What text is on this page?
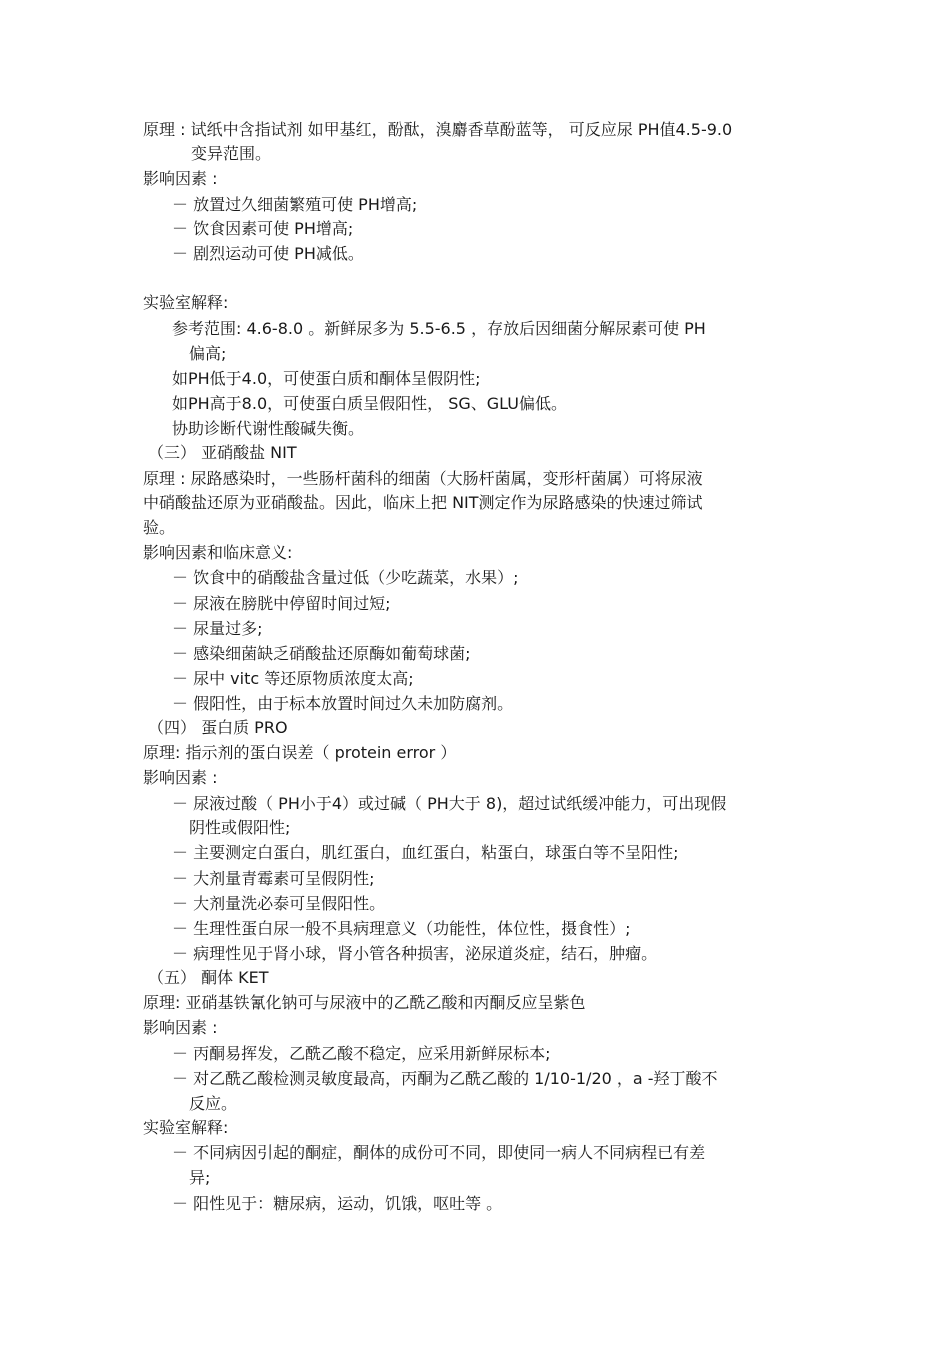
原理 : 试纸中含指试剂 如甲基红，酚酞，溴麝香草酚蓝等， 可反应尿 PH值4.5-9.0
变异范围。
影响因素 :
－ 放置过久细菌繁殖可使 PH增高;
－ 饮食因素可使 PH增高;
－ 剧烈运动可使 PH减低。
实验室解释:
参考范围: 4.6-8.0 。新鲜尿多为 5.5-6.5 ，存放后因细菌分解尿素可使 PH
偏高;
如PH低于4.0，可使蛋白质和酮体呈假阴性;
如PH高于8.0，可使蛋白质呈假阳性， SG、GLU偏低。
协助诊断代谢性酸碱失衡。
（三） 亚硝酸盐 NIT
原理 : 尿路感染时，一些肠杆菌科的细菌（大肠杆菌属，变形杆菌属）可将尿液
中硝酸盐还原为亚硝酸盐。因此，临床上把 NIT测定作为尿路感染的快速过筛试
验。
影响因素和临床意义:
－ 饮食中的硝酸盐含量过低（少吃蔬菜，水果）;
－ 尿液在膀胱中停留时间过短;
－ 尿量过多;
－ 感染细菌缺乏硝酸盐还原酶如葡萄球菌;
－ 尿中 vitc 等还原物质浓度太高;
－ 假阳性，由于标本放置时间过久未加防腐剂。
（四） 蛋白质 PRO
原理: 指示剂的蛋白误差（ protein error ）
影响因素 :
－ 尿液过酸（ PH小于4）或过碱（ PH大于 8)，超过试纸缓冲能力，可出现假
阴性或假阳性;
－ 主要测定白蛋白，肌红蛋白，血红蛋白，粘蛋白，球蛋白等不呈阳性;
－ 大剂量青霉素可呈假阴性;
－ 大剂量洗必泰可呈假阳性。
－ 生理性蛋白尿一般不具病理意义（功能性，体位性，摄食性）;
－ 病理性见于肾小球，肾小管各种损害，泌尿道炎症，结石，肿瘤。
（五） 酮体 KET
原理: 亚硝基铁氰化钠可与尿液中的乙酰乙酸和丙酮反应呈紫色
影响因素 :
－ 丙酮易挥发，乙酰乙酸不稳定，应采用新鲜尿标本;
－ 对乙酰乙酸检测灵敏度最高，丙酮为乙酰乙酸的 1/10-1/20 ，a -羟丁酸不
反应。
实验室解释:
－ 不同病因引起的酮症，酮体的成份可不同，即使同一病人不同病程已有差
异;
－ 阳性见于：糖尿病，运动，饥饿，呕吐等 。
